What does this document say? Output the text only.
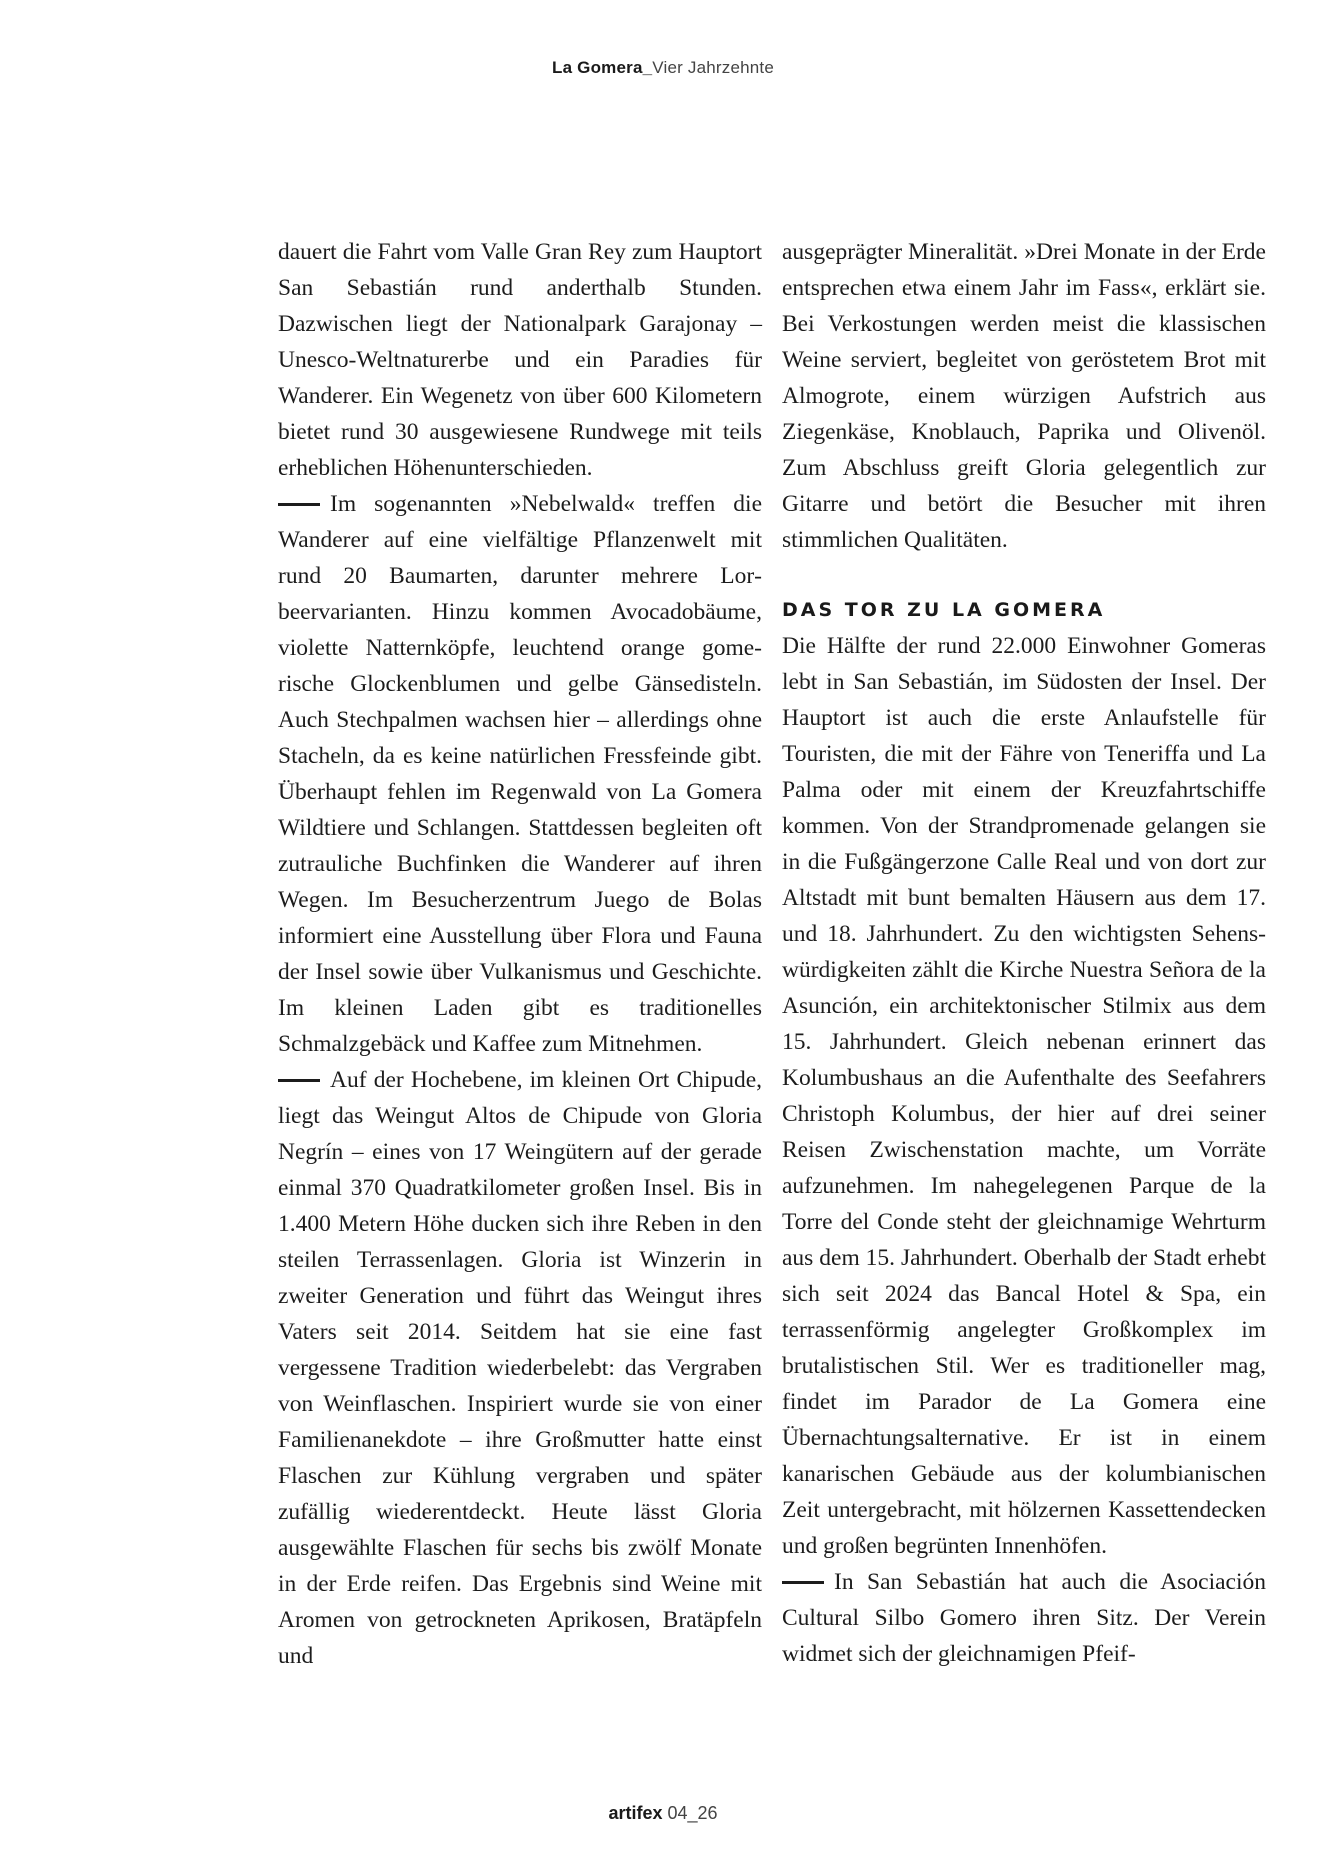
La Gomera_Vier Jahrzehnte

dauert die Fahrt vom Valle Gran Rey zum Hauptort San Sebastián rund anderthalb Stunden. Dazwischen liegt der Nationalpark Garajonay – Unesco-Weltnaturerbe und ein Paradies für Wanderer. Ein Wegenetz von über 600 Kilometern bietet rund 30 ausgewiesene Rundwege mit teils erheblichen Höhenunterschieden.

Im sogenannten »Nebelwald« treffen die Wanderer auf eine vielfältige Pflanzenwelt mit rund 20 Baumarten, darunter mehrere Lorbeervarianten. Hinzu kommen Avocadobäume, violette Natternköpfe, leuchtend orange gomerische Glockenblumen und gelbe Gänsedisteln. Auch Stechpalmen wachsen hier – allerdings ohne Stacheln, da es keine natürlichen Fressfeinde gibt. Überhaupt fehlen im Regenwald von La Gomera Wildtiere und Schlangen. Stattdessen begleiten oft zutrauliche Buchfinken die Wanderer auf ihren Wegen. Im Besucherzentrum Juego de Bolas informiert eine Ausstellung über Flora und Fauna der Insel sowie über Vulkanismus und Geschichte. Im kleinen Laden gibt es traditionelles Schmalzgebäck und Kaffee zum Mitnehmen.

Auf der Hochebene, im kleinen Ort Chipude, liegt das Weingut Altos de Chipude von Gloria Negrín – eines von 17 Weingütern auf der gerade einmal 370 Quadratkilometer großen Insel. Bis in 1.400 Metern Höhe ducken sich ihre Reben in den steilen Terrassenlagen. Gloria ist Winzerin in zweiter Generation und führt das Weingut ihres Vaters seit 2014. Seitdem hat sie eine fast vergessene Tradition wiederbelebt: das Vergraben von Weinflaschen. Inspiriert wurde sie von einer Familienanekdote – ihre Großmutter hatte einst Flaschen zur Kühlung vergraben und später zufällig wiederentdeckt. Heute lässt Gloria ausgewählte Flaschen für sechs bis zwölf Monate in der Erde reifen. Das Ergebnis sind Weine mit Aromen von getrockneten Aprikosen, Bratäpfeln und

ausgeprägter Mineralität. »Drei Monate in der Erde entsprechen etwa einem Jahr im Fass«, erklärt sie. Bei Verkostungen werden meist die klassischen Weine serviert, begleitet von geröstetem Brot mit Almogrote, einem würzigen Aufstrich aus Ziegenkäse, Knoblauch, Paprika und Olivenöl. Zum Abschluss greift Gloria gelegentlich zur Gitarre und betört die Besucher mit ihren stimmlichen Qualitäten.

DAS TOR ZU LA GOMERA

Die Hälfte der rund 22.000 Einwohner Gomeras lebt in San Sebastián, im Südosten der Insel. Der Hauptort ist auch die erste Anlaufstelle für Touristen, die mit der Fähre von Teneriffa und La Palma oder mit einem der Kreuzfahrtschiffe kommen. Von der Strandpromenade gelangen sie in die Fußgängerzone Calle Real und von dort zur Altstadt mit bunt bemalten Häusern aus dem 17. und 18. Jahrhundert. Zu den wichtigsten Sehenswürdigkeiten zählt die Kirche Nuestra Señora de la Asunción, ein architektonischer Stilmix aus dem 15. Jahrhundert. Gleich nebenan erinnert das Kolumbushaus an die Aufenthalte des Seefahrers Christoph Kolumbus, der hier auf drei seiner Reisen Zwischenstation machte, um Vorräte aufzunehmen. Im nahegelegenen Parque de la Torre del Conde steht der gleichnamige Wehrturm aus dem 15. Jahrhundert. Oberhalb der Stadt erhebt sich seit 2024 das Bancal Hotel & Spa, ein terrassenförmig angelegter Großkomplex im brutalistischen Stil. Wer es traditioneller mag, findet im Parador de La Gomera eine Übernachtungsalternative. Er ist in einem kanarischen Gebäude aus der kolumbianischen Zeit untergebracht, mit hölzernen Kassettendecken und großen begrünten Innenhöfen.

In San Sebastián hat auch die Asociación Cultural Silbo Gomero ihren Sitz. Der Verein widmet sich der gleichnamigen Pfeif-

artifex 04_26
